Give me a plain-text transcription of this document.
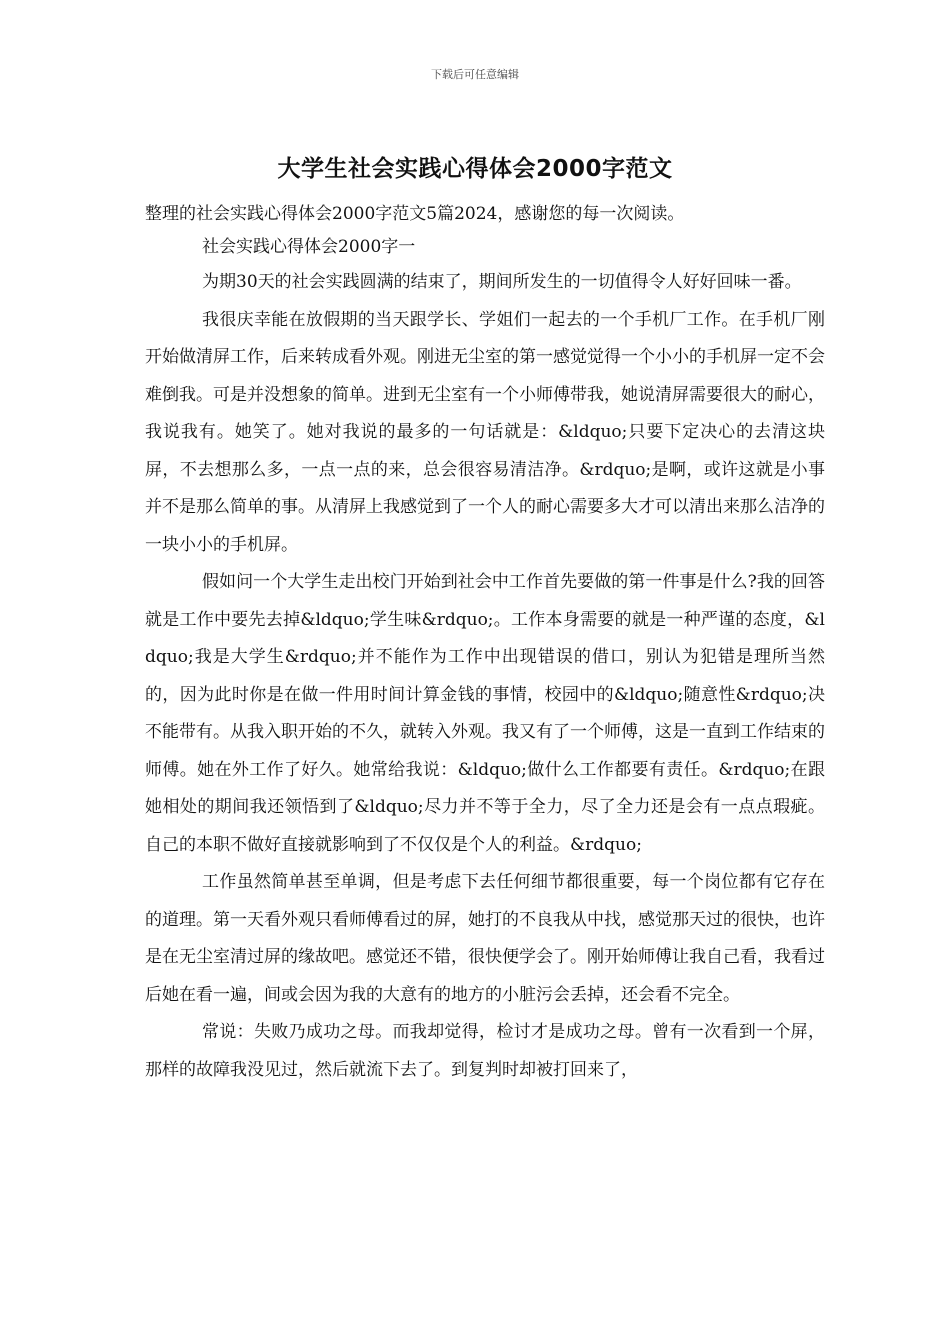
下载后可任意编辑
大学生社会实践心得体会2000字范文
整理的社会实践心得体会2000字范文5篇2024，感谢您的每一次阅读。
社会实践心得体会2000字一

为期30天的社会实践圆满的结束了，期间所发生的一切值得令人好好回味一番。

我很庆幸能在放假期的当天跟学长、学姐们一起去的一个手机厂工作。在手机厂刚开始做清屏工作，后来转成看外观。刚进无尘室的第一感觉觉得一个小小的手机屏一定不会难倒我。可是并没想象的简单。进到无尘室有一个小师傅带我，她说清屏需要很大的耐心，我说我有。她笑了。她对我说的最多的一句话就是：&ldquo;只要下定决心的去清这块屏，不去想那么多，一点一点的来，总会很容易清洁净。&rdquo;是啊，或许这就是小事并不是那么简单的事。从清屏上我感觉到了一个人的耐心需要多大才可以清出来那么洁净的一块小小的手机屏。

假如问一个大学生走出校门开始到社会中工作首先要做的第一件事是什么?我的回答就是工作中要先去掉&ldquo;学生味&rdquo;。工作本身需要的就是一种严谨的态度，&ldquo;我是大学生&rdquo;并不能作为工作中出现错误的借口，别认为犯错是理所当然的，因为此时你是在做一件用时间计算金钱的事情，校园中的&ldquo;随意性&rdquo;决不能带有。从我入职开始的不久，就转入外观。我又有了一个师傅，这是一直到工作结束的师傅。她在外工作了好久。她常给我说：&ldquo;做什么工作都要有责任。&rdquo;在跟她相处的期间我还领悟到了&ldquo;尽力并不等于全力，尽了全力还是会有一点点瑕疵。自己的本职不做好直接就影响到了不仅仅是个人的利益。&rdquo;

工作虽然简单甚至单调，但是考虑下去任何细节都很重要，每一个岗位都有它存在的道理。第一天看外观只看师傅看过的屏，她打的不良我从中找，感觉那天过的很快，也许是在无尘室清过屏的缘故吧。感觉还不错，很快便学会了。刚开始师傅让我自己看，我看过后她在看一遍，间或会因为我的大意有的地方的小脏污会丢掉，还会看不完全。

常说：失败乃成功之母。而我却觉得，检讨才是成功之母。曾有一次看到一个屏，那样的故障我没见过，然后就流下去了。到复判时却被打回来了，
